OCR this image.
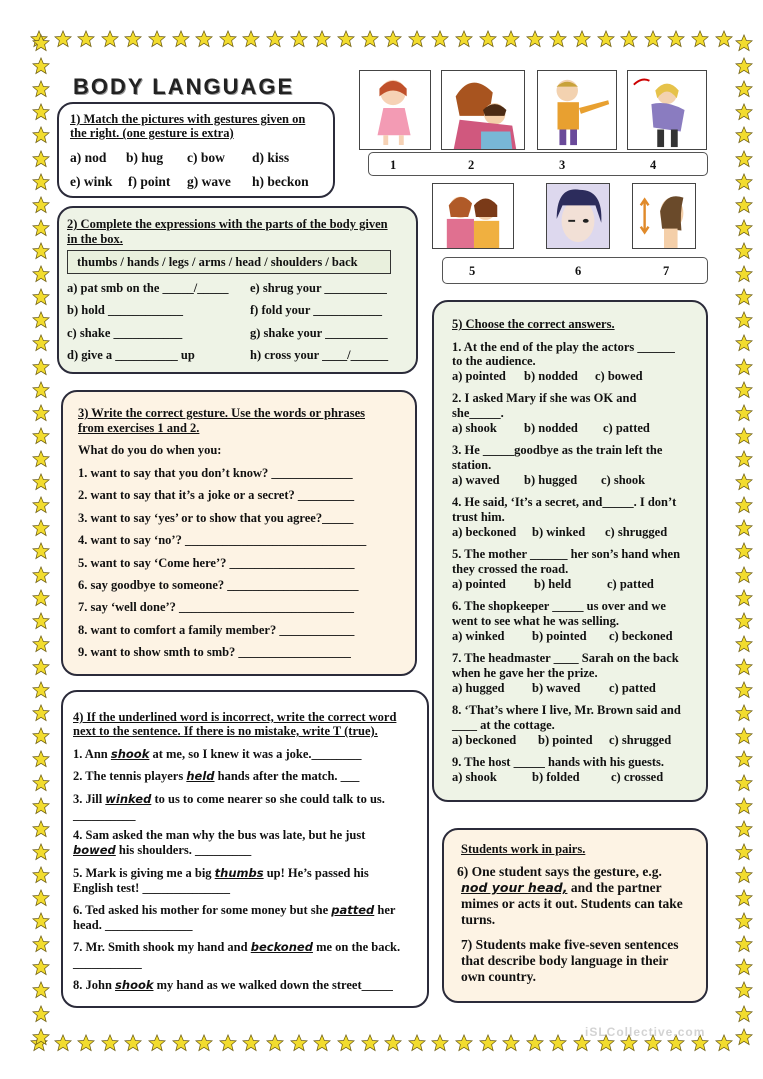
BODY LANGUAGE
1) Match the pictures with gestures given on
the right. (one gesture is extra)
a) nod b) hug c) bow d) kiss
e) wink f) point g) wave h) beckon
1	2	3	4
5	6	7
2) Complete the expressions with the parts of the body given
in the box.
thumbs / hands / legs / arms / head / shoulders / back
a) pat smb on the _____/_____
b) hold ____________
c) shake ___________
d) give a __________ up
e) shrug your __________
f) fold your ___________
g) shake your __________
h) cross your ____/______
3) Write the correct gesture. Use the words or phrases
from exercises 1 and 2.
What do you do when you:
1. want to say that you don’t know? _____________
2. want to say that it’s a joke or a secret? _________
3. want to say ‘yes’ or to show that you agree?_____
4. want to say ‘no’? _____________________________
5. want to say ‘Come here’? ____________________
6. say goodbye to someone? _____________________
7. say ‘well done’? ____________________________
8. want to comfort a family member? ____________
9. want to show smth to smb? __________________
4) If the underlined word is incorrect, write the correct word
next to the sentence. If there is no mistake, write T (true).
1. Ann shook at me, so I knew it was a joke.________
2. The tennis players held hands after the match. ___
3. Jill winked to us to come nearer so she could talk to us.
__________
4. Sam asked the man why the bus was late, but he just
bowed his shoulders. _________
5. Mark is giving me a big thumbs up! He’s passed his
English test! ______________
6. Ted asked his mother for some money but she patted her
head. ______________
7. Mr. Smith shook my hand and beckoned me on the back.
___________
8. John shook my hand as we walked down the street_____
5) Choose the correct answers.
1. At the end of the play the actors ______
to the audience.
a) pointed b) nodded c) bowed
2. I asked Mary if she was OK and
she_____.
a) shook b) nodded c) patted
3. He _____goodbye as the train left the
station.
a) waved b) hugged c) shook
4. He said, ‘It’s a secret, and_____. I don’t
trust him.
a) beckoned b) winked c) shrugged
5. The mother ______ her son’s hand when
they crossed the road.
a) pointed b) held	c) patted
6. The shopkeeper _____ us over and we
went to see what he was selling.
a) winked b) pointed c) beckoned
7. The headmaster ____ Sarah on the back
when he gave her the prize.
a) hugged b) waved c) patted
8. ‘That’s where I live, Mr. Brown said and
____ at the cottage.
a) beckoned b) pointed c) shrugged
9. The host _____ hands with his guests.
a) shook	b) folded	c) crossed
Students work in pairs.
6) One student says the gesture, e.g.
nod your head, and the partner
mimes or acts it out. Students can take
turns.
7) Students make five-seven sentences
that describe body language in their
own country.
iSLCollective.com
